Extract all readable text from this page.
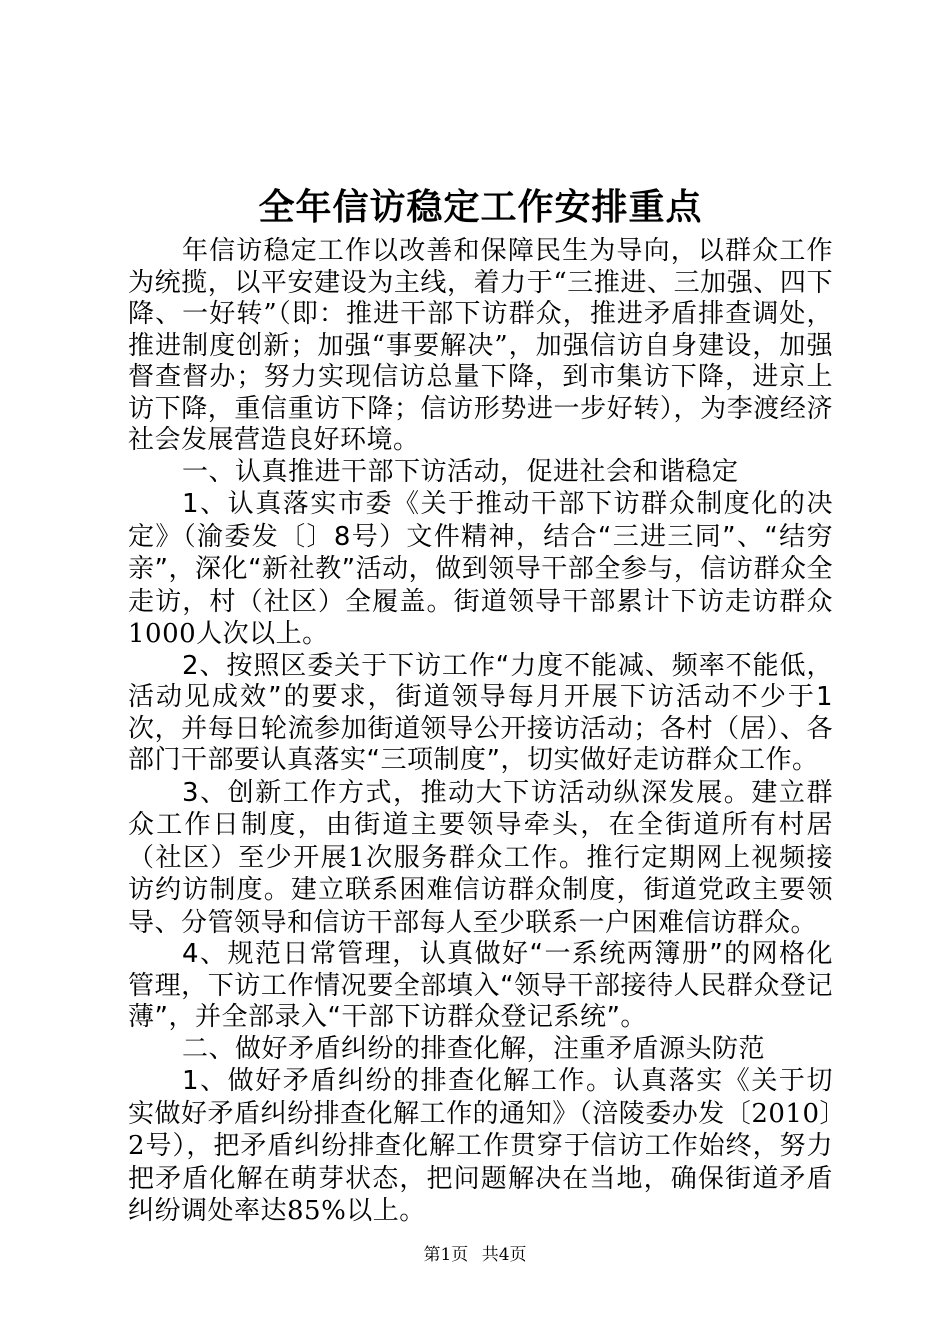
全年信访稳定工作安排重点

年信访稳定工作以改善和保障民生为导向，以群众工作为统揽，以平安建设为主线，着力于“三推进、三加强、四下降、一好转”（即：推进干部下访群众，推进矛盾排查调处，推进制度创新；加强“事要解决”，加强信访自身建设，加强督查督办；努力实现信访总量下降，到市集访下降，进京上访下降，重信重访下降；信访形势进一步好转），为李渡经济社会发展营造良好环境。

一、认真推进干部下访活动，促进社会和谐稳定

1、认真落实市委《关于推动干部下访群众制度化的决定》（渝委发〔〕8号）文件精神，结合“三进三同”、“结穷亲”，深化“新社教”活动，做到领导干部全参与，信访群众全走访，村（社区）全履盖。街道领导干部累计下访走访群众1000人次以上。

2、按照区委关于下访工作“力度不能减、频率不能低，活动见成效”的要求，街道领导每月开展下访活动不少于1次，并每日轮流参加街道领导公开接访活动；各村（居）、各部门干部要认真落实“三项制度”，切实做好走访群众工作。

3、创新工作方式，推动大下访活动纵深发展。建立群众工作日制度，由街道主要领导牵头，在全街道所有村居（社区）至少开展1次服务群众工作。推行定期网上视频接访约访制度。建立联系困难信访群众制度，街道党政主要领导、分管领导和信访干部每人至少联系一户困难信访群众。

4、规范日常管理，认真做好“一系统两簿册”的网格化管理，下访工作情况要全部填入“领导干部接待人民群众登记薄”，并全部录入“干部下访群众登记系统”。

二、做好矛盾纠纷的排查化解，注重矛盾源头防范

1、做好矛盾纠纷的排查化解工作。认真落实《关于切实做好矛盾纠纷排查化解工作的通知》（涪陵委办发〔2010〕2号），把矛盾纠纷排查化解工作贯穿于信访工作始终，努力把矛盾化解在萌芽状态，把问题解决在当地，确保街道矛盾纠纷调处率达85%以上。

第1页 共4页
